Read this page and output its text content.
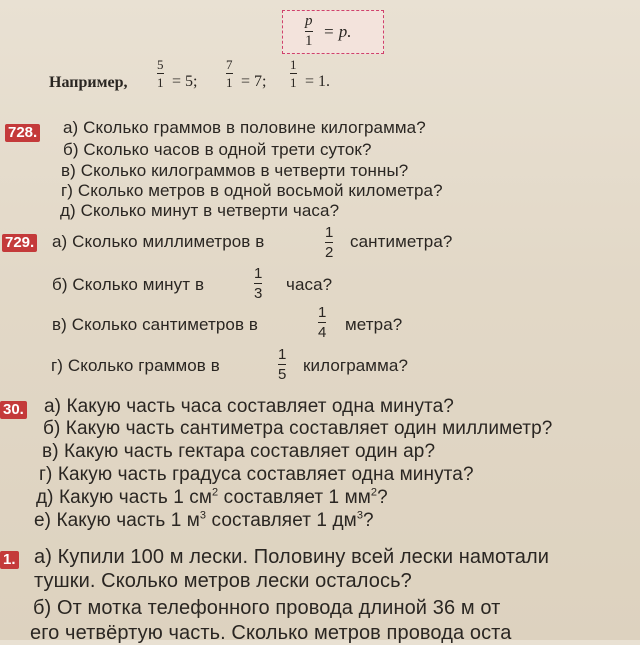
p
1 = p.
Например,
5
1 = 5;
7
1 = 7;
1
1 = 1.
728. а) Сколько граммов в половине килограмма?
б) Сколько часов в одной трети суток?
в) Сколько килограммов в четверти тонны?
г) Сколько метров в одной восьмой километра?
д) Сколько минут в четверти часа?
729. а) Сколько миллиметров в	1
2
сантиметра?
б) Сколько минут в
1
3 часа?
в) Сколько сантиметров в
1
4 метра?
г) Сколько граммов в
1
5 килограмма?
30. а) Какую часть часа составляет одна минута?
б) Какую часть сантиметра составляет один миллиметр?
в) Какую часть гектара составляет один ар?
г) Какую часть градуса составляет одна минута?
д) Какую часть 1 $см^2$ составляет 1 $мм^2$?
е) Какую часть 1 $м^3$ составляет 1 $дм^3$?
1. а) Купили 100 м лески. Половину всей лески намотали
тушки. Сколько метров лески осталось?
б) От мотка телефонного провода длиной 36 м от
его четвёртую часть. Сколько метров провода оста
